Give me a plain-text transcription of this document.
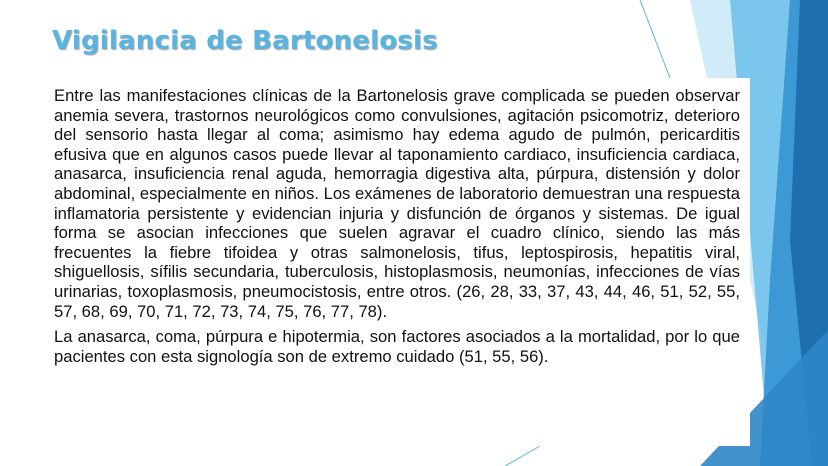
Vigilancia de Bartonelosis

Entre las manifestaciones clínicas de la Bartonelosis grave complicada se pueden observar anemia severa, trastornos neurológicos como convulsiones, agitación psicomotriz, deterioro del sensorio hasta llegar al coma; asimismo hay edema agudo de pulmón, pericarditis efusiva que en algunos casos puede llevar al taponamiento cardiaco, insuficiencia cardiaca, anasarca, insuficiencia renal aguda, hemorragia digestiva alta, púrpura, distensión y dolor abdominal, especialmente en niños. Los exámenes de laboratorio demuestran una respuesta inflamatoria persistente y evidencian injuria y disfunción de órganos y sistemas. De igual forma se asocian infecciones que suelen agravar el cuadro clínico, siendo las más frecuentes la fiebre tifoidea y otras salmonelosis, tifus, leptospirosis, hepatitis viral, shiguellosis, sífilis secundaria, tuberculosis, histoplasmosis, neumonías, infecciones de vías urinarias, toxoplasmosis, pneumocistosis, entre otros. (26, 28, 33, 37, 43, 44, 46, 51, 52, 55, 57, 68, 69, 70, 71, 72, 73, 74, 75, 76, 77, 78).

La anasarca, coma, púrpura e hipotermia, son factores asociados a la mortalidad, por lo que pacientes con esta signología son de extremo cuidado (51, 55, 56).
